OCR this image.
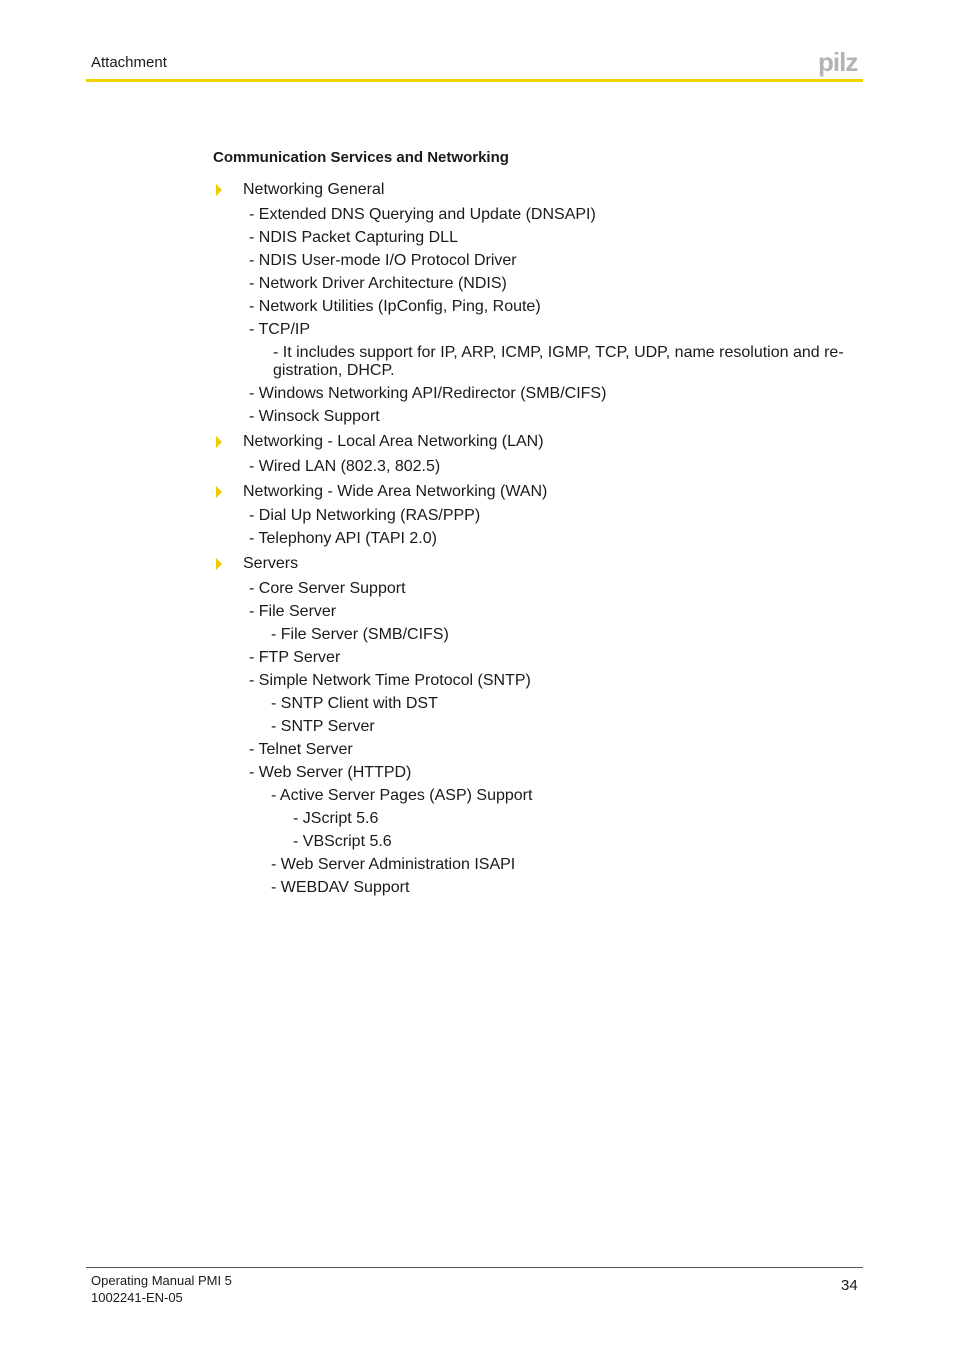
Attachment	pilz
Communication Services and Networking
Networking General
- Extended DNS Querying and Update (DNSAPI)
- NDIS Packet Capturing DLL
- NDIS User-mode I/O Protocol Driver
- Network Driver Architecture (NDIS)
- Network Utilities (IpConfig, Ping, Route)
- TCP/IP
- It includes support for IP, ARP, ICMP, IGMP, TCP, UDP, name resolution and re-
gistration, DHCP.
- Windows Networking API/Redirector (SMB/CIFS)
- Winsock Support
Networking - Local Area Networking (LAN)
- Wired LAN (802.3, 802.5)
Networking - Wide Area Networking (WAN)
- Dial Up Networking (RAS/PPP)
- Telephony API (TAPI 2.0)
Servers
- Core Server Support
- File Server
- File Server (SMB/CIFS)
- FTP Server
- Simple Network Time Protocol (SNTP)
- SNTP Client with DST
- SNTP Server
- Telnet Server
- Web Server (HTTPD)
- Active Server Pages (ASP) Support
- JScript 5.6
- VBScript 5.6
- Web Server Administration ISAPI
- WEBDAV Support
Operating Manual PMI 5
1002241-EN-05
34
